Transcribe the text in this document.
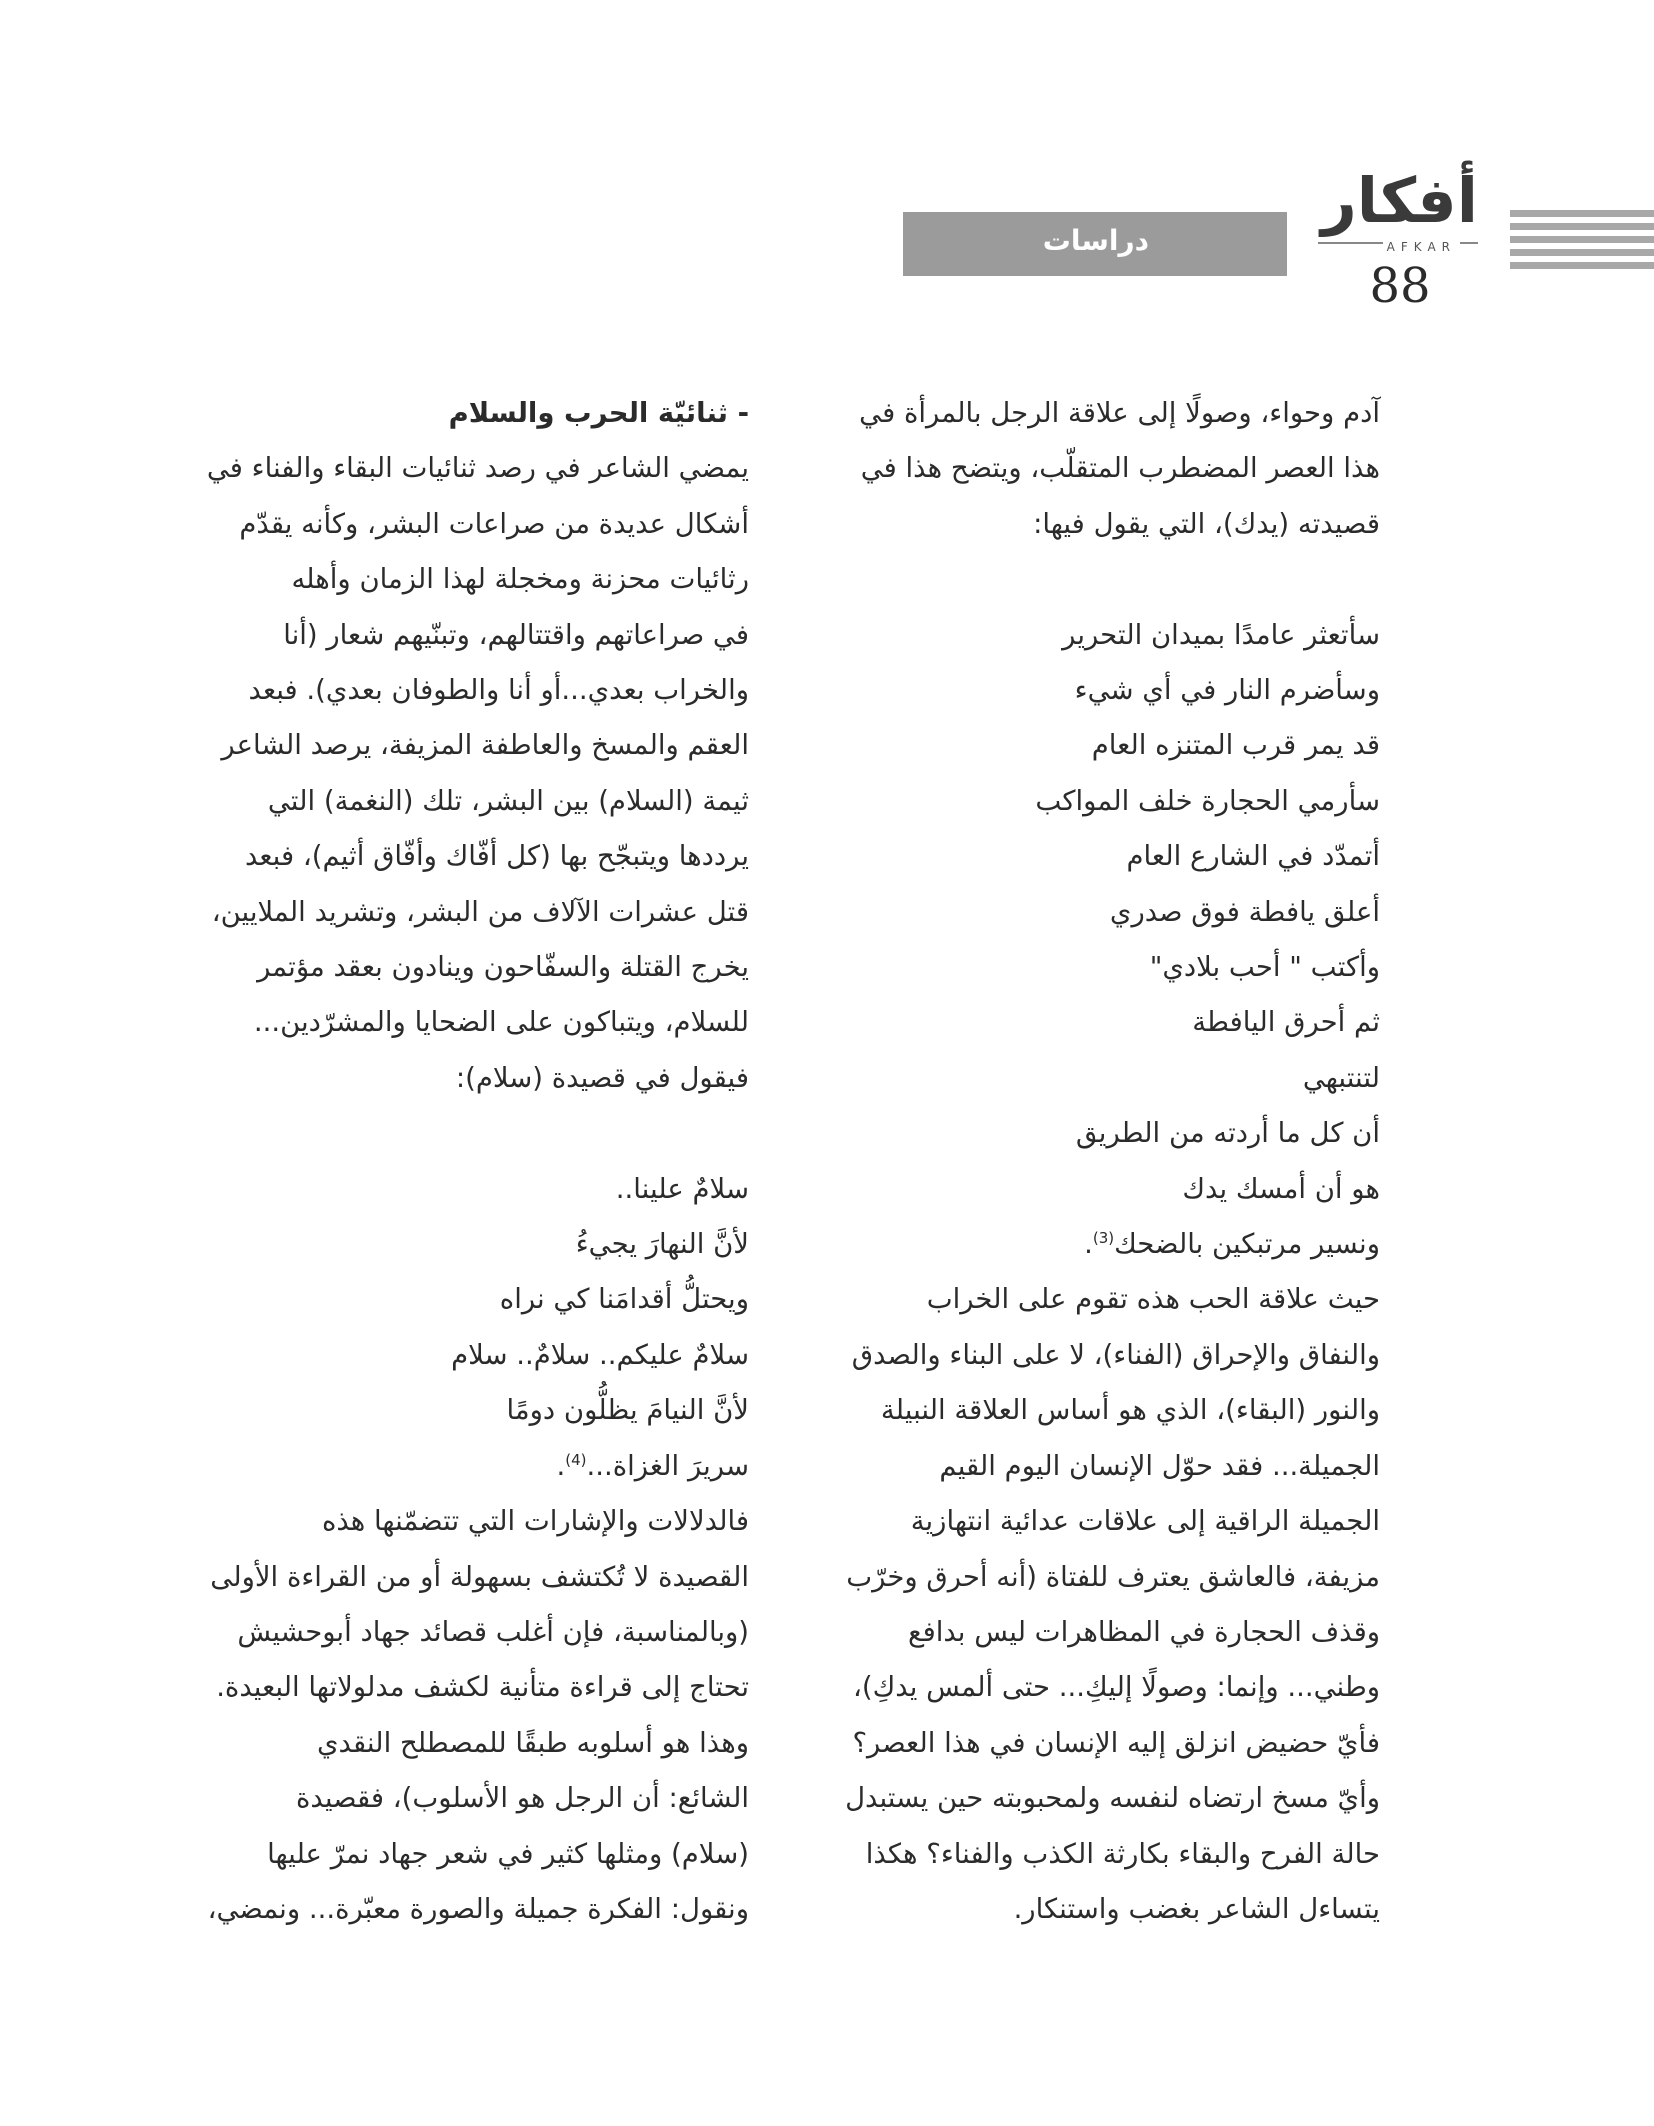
أفكار
AFKAR
88
دراسات

آدم وحواء، وصولًا إلى علاقة الرجل بالمرأة في

هذا العصر المضطرب المتقلّب، ويتضح هذا في

قصيدته (يدك)، التي يقول فيها:

سأتعثر عامدًا بميدان التحرير

وسأضرم النار في أي شيء

قد يمر قرب المتنزه العام

سأرمي الحجارة خلف المواكب

أتمدّد في الشارع العام

أعلق يافطة فوق صدري

وأكتب " أحب بلادي"

ثم أحرق اليافطة

لتنتبهي

أن كل ما أردته من الطريق

هو أن أمسك يدك

ونسير مرتبكين بالضحك$^{(3)}$.

حيث علاقة الحب هذه تقوم على الخراب

والنفاق والإحراق (الفناء)، لا على البناء والصدق

والنور (البقاء)، الذي هو أساس العلاقة النبيلة

الجميلة... فقد حوّل الإنسان اليوم القيم

الجميلة الراقية إلى علاقات عدائية انتهازية

مزيفة، فالعاشق يعترف للفتاة (أنه أحرق وخرّب

وقذف الحجارة في المظاهرات ليس بدافع

وطني... وإنما: وصولًا إليكِ... حتى ألمس يدكِ)،

فأيّ حضيض انزلق إليه الإنسان في هذا العصر؟

وأيّ مسخ ارتضاه لنفسه ولمحبوبته حين يستبدل

حالة الفرح والبقاء بكارثة الكذب والفناء؟ هكذا

يتساءل الشاعر بغضب واستنكار.

- ثنائيّة الحرب والسلام

يمضي الشاعر في رصد ثنائيات البقاء والفناء في

أشكال عديدة من صراعات البشر، وكأنه يقدّم

رثائيات محزنة ومخجلة لهذا الزمان وأهله

في صراعاتهم واقتتالهم، وتبنّيهم شعار (أنا

والخراب بعدي...أو أنا والطوفان بعدي). فبعد

العقم والمسخ والعاطفة المزيفة، يرصد الشاعر

ثيمة (السلام) بين البشر، تلك (النغمة) التي

يرددها ويتبجّح بها (كل أفّاك وأفّاق أثيم)، فبعد

قتل عشرات الآلاف من البشر، وتشريد الملايين،

يخرج القتلة والسفّاحون وينادون بعقد مؤتمر

للسلام، ويتباكون على الضحايا والمشرّدين...

فيقول في قصيدة (سلام):

سلامٌ علينا..

لأنَّ النهارَ يجيءُ

ويحتلُّ أقدامَنا كي نراه

سلامٌ عليكم.. سلامٌ.. سلام

لأنَّ النيامَ يظلُّون دومًا

سريرَ الغزاة...$^{(4)}$.

فالدلالات والإشارات التي تتضمّنها هذه

القصيدة لا تُكتشف بسهولة أو من القراءة الأولى

(وبالمناسبة، فإن أغلب قصائد جهاد أبوحشيش

تحتاج إلى قراءة متأنية لكشف مدلولاتها البعيدة.

وهذا هو أسلوبه طبقًا للمصطلح النقدي

الشائع: أن الرجل هو الأسلوب)، فقصيدة

(سلام) ومثلها كثير في شعر جهاد نمرّ عليها

ونقول: الفكرة جميلة والصورة معبّرة... ونمضي،
